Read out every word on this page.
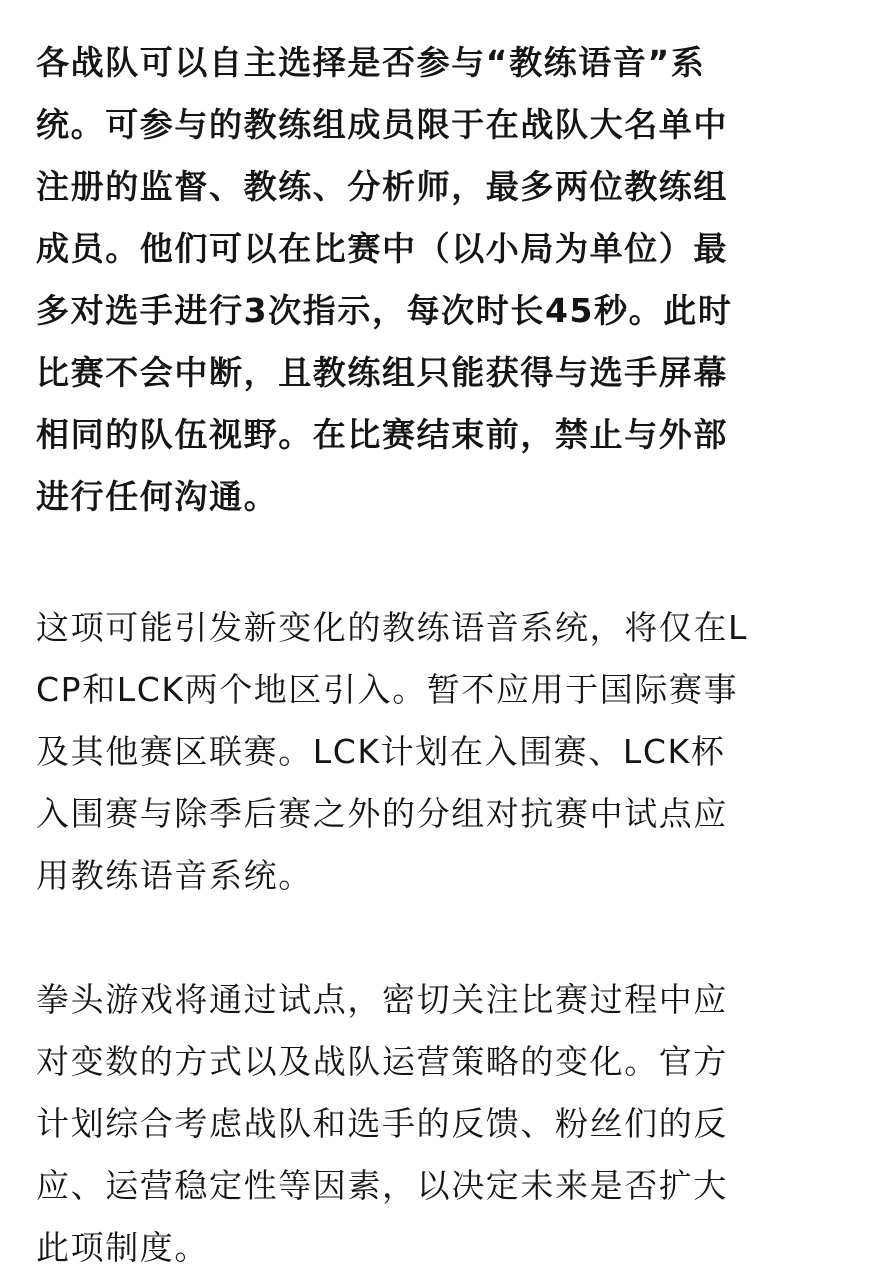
各战队可以自主选择是否参与“教练语音”系
统。可参与的教练组成员限于在战队大名单中
注册的监督、教练、分析师，最多两位教练组
成员。他们可以在比赛中（以小局为单位）最
多对选手进行3次指示，每次时长45秒。此时
比赛不会中断，且教练组只能获得与选手屏幕
相同的队伍视野。在比赛结束前，禁止与外部
进行任何沟通。
这项可能引发新变化的教练语音系统，将仅在L
CP和LCK两个地区引入。暂不应用于国际赛事
及其他赛区联赛。LCK计划在入围赛、LCK杯
入围赛与除季后赛之外的分组对抗赛中试点应
用教练语音系统。
拳头游戏将通过试点，密切关注比赛过程中应
对变数的方式以及战队运营策略的变化。官方
计划综合考虑战队和选手的反馈、粉丝们的反
应、运营稳定性等因素，以决定未来是否扩大
此项制度。
